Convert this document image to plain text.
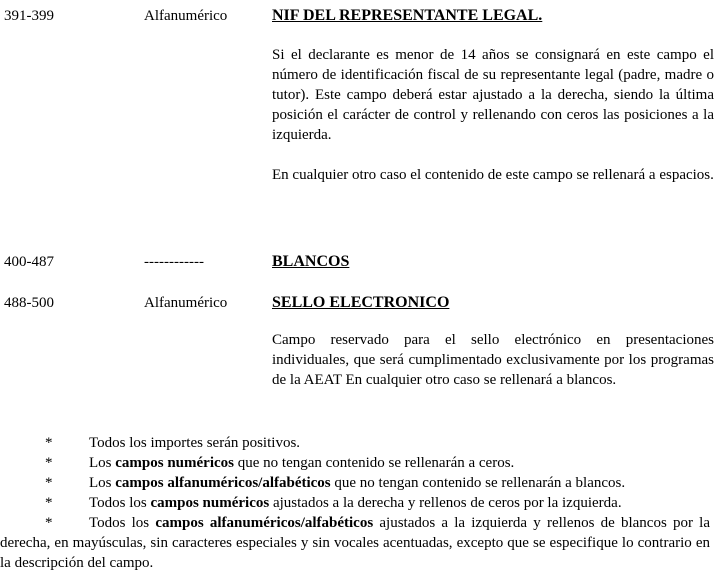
391-399	Alfanumérico	NIF DEL REPRESENTANTE LEGAL.

Si el declarante es menor de 14 años se consignará en este campo el número de identificación fiscal de su representante legal (padre, madre o tutor). Este campo deberá estar ajustado a la derecha, siendo la última posición el carácter de control y rellenando con ceros las posiciones a la izquierda.

En cualquier otro caso el contenido de este campo se rellenará a espacios.

400-487	------------	BLANCOS
488-500	Alfanumérico	SELLO ELECTRONICO

Campo reservado para el sello electrónico en presentaciones individuales, que será cumplimentado exclusivamente por los programas de la AEAT En cualquier otro caso se rellenará a blancos.

*	Todos los importes serán positivos.
*	Los campos numéricos que no tengan contenido se rellenarán a ceros.
*	Los campos alfanuméricos/alfabéticos que no tengan contenido se rellenarán a blancos.
*	Todos los campos numéricos ajustados a la derecha y rellenos de ceros por la izquierda.
*	Todos los campos alfanuméricos/alfabéticos ajustados a la izquierda y rellenos de blancos por la derecha, en mayúsculas, sin caracteres especiales y sin vocales acentuadas, excepto que se especifique lo contrario en la descripción del campo.
